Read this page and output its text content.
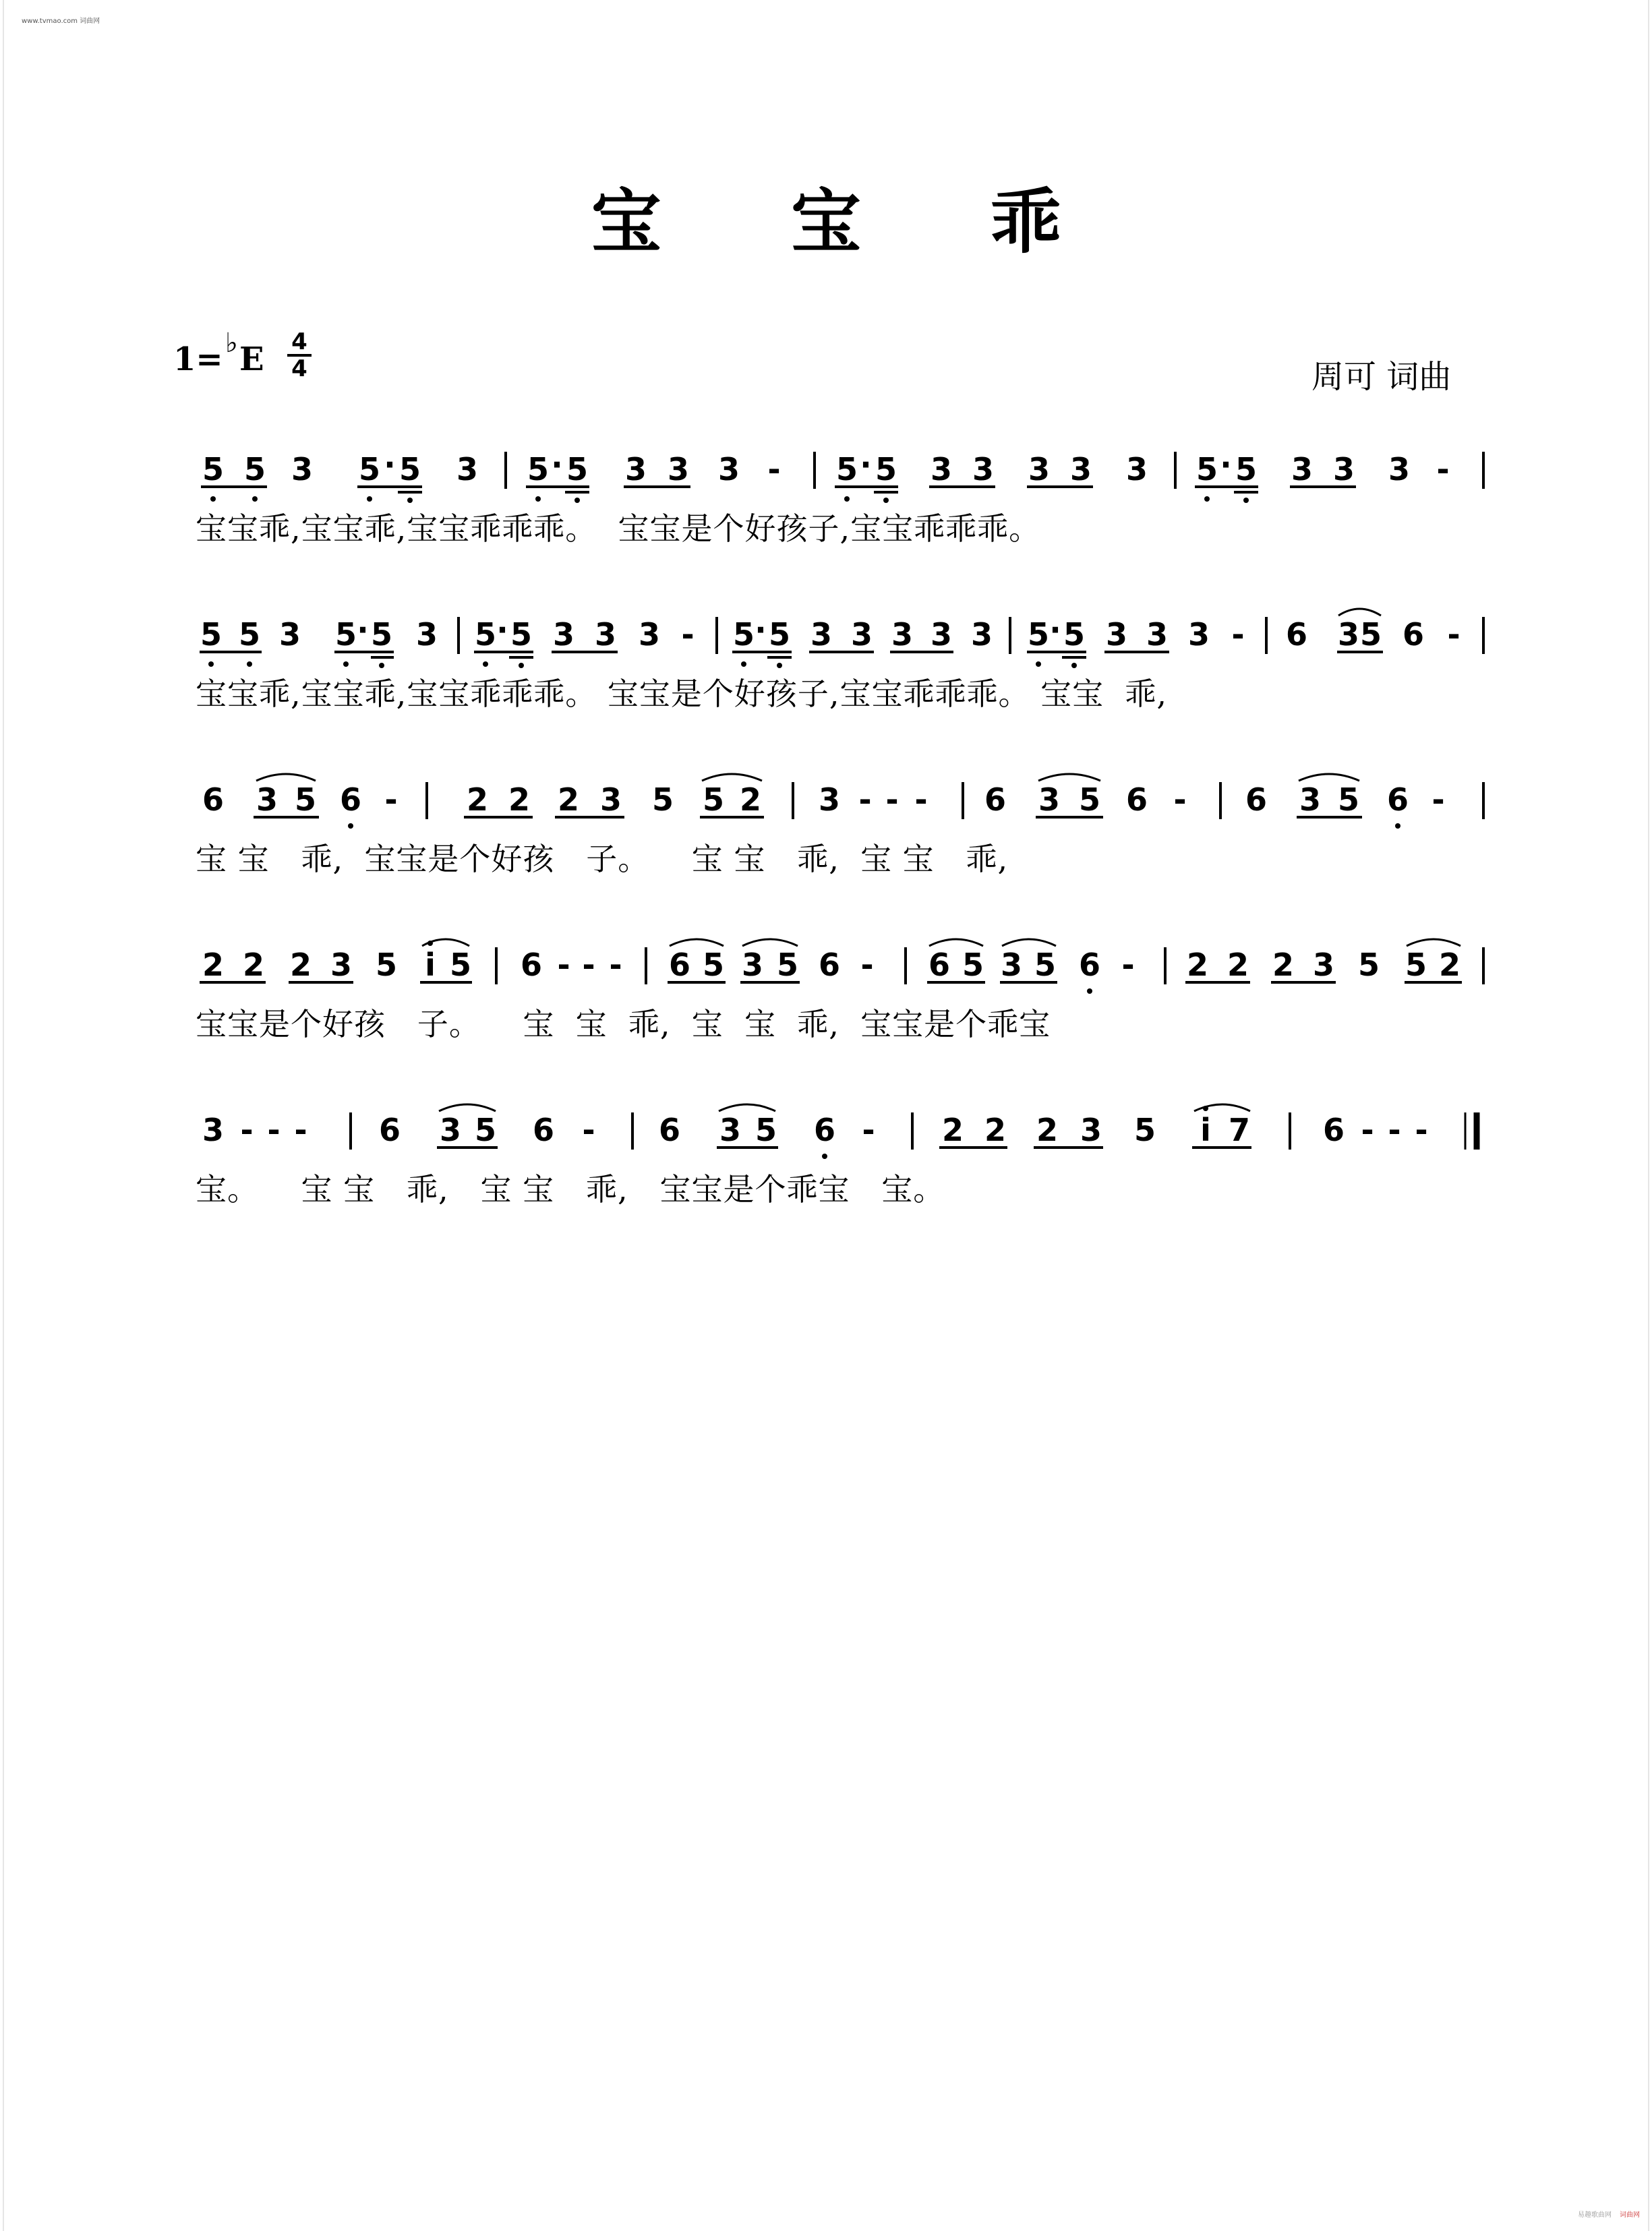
www.tvmao.com 词曲网
宝 宝 乖
1= ♭ E 4
4	周可 词曲
5 5 3 5 · 5 3 5 · 5 3 3 3 - 5 · 5 3 3 3 3 3 5 · 5 3 3 3 -
宝宝乖,宝宝乖,宝宝乖乖乖。  宝宝是个好孩子,宝宝乖乖乖。
5 5 3 5 · 5 3 5 · 5 3 3 3 - 5 · 5 3 3 3 3 3 5 · 5 3 3 3 - 6 3 5 6 -
宝宝乖,宝宝乖,宝宝乖乖乖。 宝宝是个好孩子,宝宝乖乖乖。 宝宝  乖,
6 3 5 6 - 2 2 2 3 5 5 2 3 - - - 6 3 5 6 - 6 3 5 6 -
宝 宝   乖,  宝宝是个好孩   子。    宝 宝   乖,  宝 宝   乖,
2 2 2 3 5 i 5 6 - - - 6 5 3 5 6 - 6 5 3 5 6 - 2 2 2 3 5 5 2
宝宝是个好孩   子。    宝  宝  乖,  宝  宝  乖,  宝宝是个乖宝
3 - - - 6 3 5 6 - 6 3 5 6 - 2 2 2 3 5 i 7 6 - - -
宝。    宝 宝   乖,   宝 宝   乖,   宝宝是个乖宝   宝。
易趣歌曲网 词曲网
